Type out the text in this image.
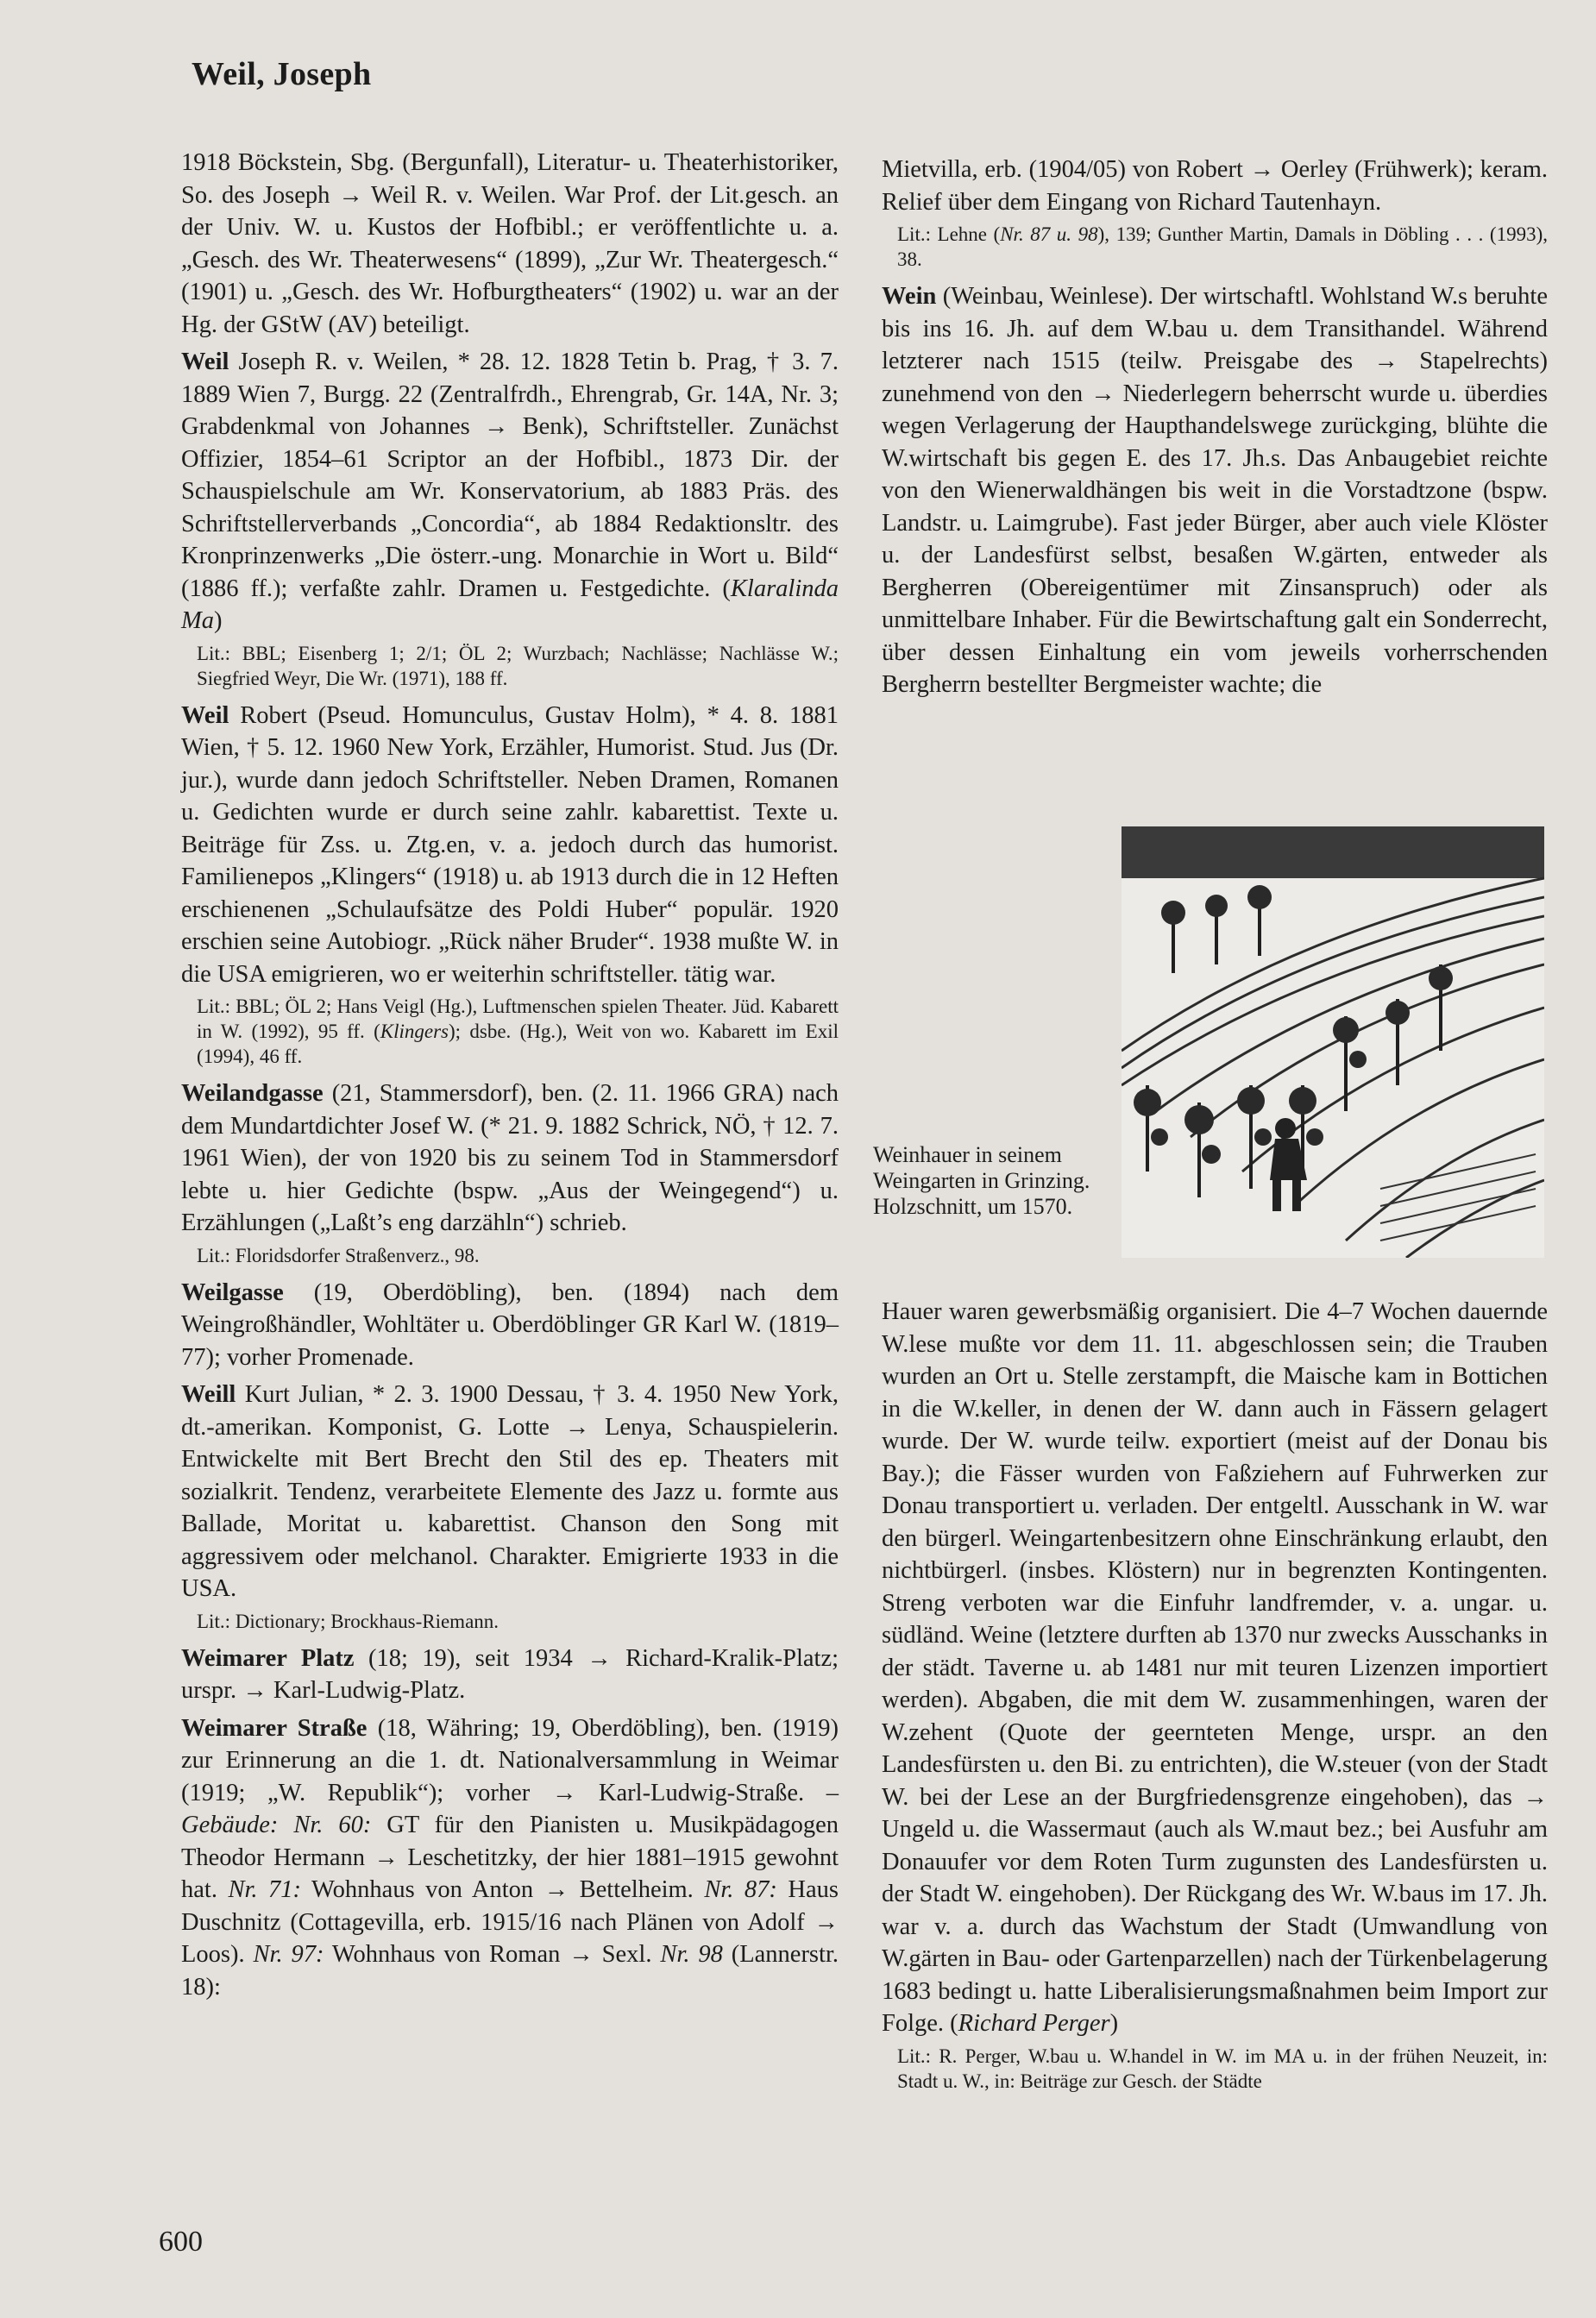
Weil, Joseph

1918 Böckstein, Sbg. (Bergunfall), Literatur- u. Theaterhistoriker, So. des Joseph → Weil R. v. Weilen. War Prof. der Lit.gesch. an der Univ. W. u. Kustos der Hofbibl.; er veröffentlichte u. a. „Gesch. des Wr. Theaterwesens“ (1899), „Zur Wr. Theatergesch.“ (1901) u. „Gesch. des Wr. Hofburgtheaters“ (1902) u. war an der Hg. der GStW (AV) beteiligt.

Weil Joseph R. v. Weilen, * 28. 12. 1828 Tetin b. Prag, † 3. 7. 1889 Wien 7, Burgg. 22 (Zentralfrdh., Ehrengrab, Gr. 14A, Nr. 3; Grabdenkmal von Johannes → Benk), Schriftsteller. Zunächst Offizier, 1854–61 Scriptor an der Hofbibl., 1873 Dir. der Schauspielschule am Wr. Konservatorium, ab 1883 Präs. des Schriftstellerverbands „Concordia“, ab 1884 Redaktionsltr. des Kronprinzenwerks „Die österr.-ung. Monarchie in Wort u. Bild“ (1886 ff.); verfaßte zahlr. Dramen u. Festgedichte. (Klaralinda Ma)

Lit.: BBL; Eisenberg 1; 2/1; ÖL 2; Wurzbach; Nachlässe; Nachlässe W.; Siegfried Weyr, Die Wr. (1971), 188 ff.

Weil Robert (Pseud. Homunculus, Gustav Holm), * 4. 8. 1881 Wien, † 5. 12. 1960 New York, Erzähler, Humorist. Stud. Jus (Dr. jur.), wurde dann jedoch Schriftsteller. Neben Dramen, Romanen u. Gedichten wurde er durch seine zahlr. kabarettist. Texte u. Beiträge für Zss. u. Ztg.en, v. a. jedoch durch das humorist. Familienepos „Klingers“ (1918) u. ab 1913 durch die in 12 Heften erschienenen „Schulaufsätze des Poldi Huber“ populär. 1920 erschien seine Autobiogr. „Rück näher Bruder“. 1938 mußte W. in die USA emigrieren, wo er weiterhin schriftsteller. tätig war.

Lit.: BBL; ÖL 2; Hans Veigl (Hg.), Luftmenschen spielen Theater. Jüd. Kabarett in W. (1992), 95 ff. (Klingers); dsbe. (Hg.), Weit von wo. Kabarett im Exil (1994), 46 ff.

Weilandgasse (21, Stammersdorf), ben. (2. 11. 1966 GRA) nach dem Mundartdichter Josef W. (* 21. 9. 1882 Schrick, NÖ, † 12. 7. 1961 Wien), der von 1920 bis zu seinem Tod in Stammersdorf lebte u. hier Gedichte (bspw. „Aus der Weingegend“) u. Erzählungen („Laßt’s eng darzähln“) schrieb.

Lit.: Floridsdorfer Straßenverz., 98.

Weilgasse (19, Oberdöbling), ben. (1894) nach dem Weingroßhändler, Wohltäter u. Oberdöblinger GR Karl W. (1819–77); vorher Promenade.

Weill Kurt Julian, * 2. 3. 1900 Dessau, † 3. 4. 1950 New York, dt.-amerikan. Komponist, G. Lotte → Lenya, Schauspielerin. Entwickelte mit Bert Brecht den Stil des ep. Theaters mit sozialkrit. Tendenz, verarbeitete Elemente des Jazz u. formte aus Ballade, Moritat u. kabarettist. Chanson den Song mit aggressivem oder melchanol. Charakter. Emigrierte 1933 in die USA.

Lit.: Dictionary; Brockhaus-Riemann.

Weimarer Platz (18; 19), seit 1934 → Richard-Kralik-Platz; urspr. → Karl-Ludwig-Platz.

Weimarer Straße (18, Währing; 19, Oberdöbling), ben. (1919) zur Erinnerung an die 1. dt. Nationalversammlung in Weimar (1919; „W. Republik“); vorher → Karl-Ludwig-Straße. – Gebäude: Nr. 60: GT für den Pianisten u. Musikpädagogen Theodor Hermann → Leschetitzky, der hier 1881–1915 gewohnt hat. Nr. 71: Wohnhaus von Anton → Bettelheim. Nr. 87: Haus Duschnitz (Cottagevilla, erb. 1915/16 nach Plänen von Adolf → Loos). Nr. 97: Wohnhaus von Roman → Sexl. Nr. 98 (Lannerstr. 18):

Mietvilla, erb. (1904/05) von Robert → Oerley (Frühwerk); keram. Relief über dem Eingang von Richard Tautenhayn.

Lit.: Lehne (Nr. 87 u. 98), 139; Gunther Martin, Damals in Döbling . . . (1993), 38.

Wein (Weinbau, Weinlese). Der wirtschaftl. Wohlstand W.s beruhte bis ins 16. Jh. auf dem W.bau u. dem Transithandel. Während letzterer nach 1515 (teilw. Preisgabe des → Stapelrechts) zunehmend von den → Niederlegern beherrscht wurde u. überdies wegen Verlagerung der Haupthandelswege zurückging, blühte die W.wirtschaft bis gegen E. des 17. Jh.s. Das Anbaugebiet reichte von den Wienerwaldhängen bis weit in die Vorstadtzone (bspw. Landstr. u. Laimgrube). Fast jeder Bürger, aber auch viele Klöster u. der Landesfürst selbst, besaßen W.gärten, entweder als Bergherren (Obereigentümer mit Zinsanspruch) oder als unmittelbare Inhaber. Für die Bewirtschaftung galt ein Sonderrecht, über dessen Einhaltung ein vom jeweils vorherrschenden Bergherrn bestellter Bergmeister wachte; die

Weinhauer in seinem Weingarten in Grinzing. Holzschnitt, um 1570.

Hauer waren gewerbsmäßig organisiert. Die 4–7 Wochen dauernde W.lese mußte vor dem 11. 11. abgeschlossen sein; die Trauben wurden an Ort u. Stelle zerstampft, die Maische kam in Bottichen in die W.keller, in denen der W. dann auch in Fässern gelagert wurde. Der W. wurde teilw. exportiert (meist auf der Donau bis Bay.); die Fässer wurden von Faßziehern auf Fuhrwerken zur Donau transportiert u. verladen. Der entgeltl. Ausschank in W. war den bürgerl. Weingartenbesitzern ohne Einschränkung erlaubt, den nichtbürgerl. (insbes. Klöstern) nur in begrenzten Kontingenten. Streng verboten war die Einfuhr landfremder, v. a. ungar. u. südländ. Weine (letztere durften ab 1370 nur zwecks Ausschanks in der städt. Taverne u. ab 1481 nur mit teuren Lizenzen importiert werden). Abgaben, die mit dem W. zusammenhingen, waren der W.zehent (Quote der geernteten Menge, urspr. an den Landesfürsten u. den Bi. zu entrichten), die W.steuer (von der Stadt W. bei der Lese an der Burgfriedensgrenze eingehoben), das → Ungeld u. die Wassermaut (auch als W.maut bez.; bei Ausfuhr am Donauufer vor dem Roten Turm zugunsten des Landesfürsten u. der Stadt W. eingehoben). Der Rückgang des Wr. W.baus im 17. Jh. war v. a. durch das Wachstum der Stadt (Umwandlung von W.gärten in Bau- oder Gartenparzellen) nach der Türkenbelagerung 1683 bedingt u. hatte Liberalisierungsmaßnahmen beim Import zur Folge. (Richard Perger)

Lit.: R. Perger, W.bau u. W.handel in W. im MA u. in der frühen Neuzeit, in: Stadt u. W., in: Beiträge zur Gesch. der Städte

600
